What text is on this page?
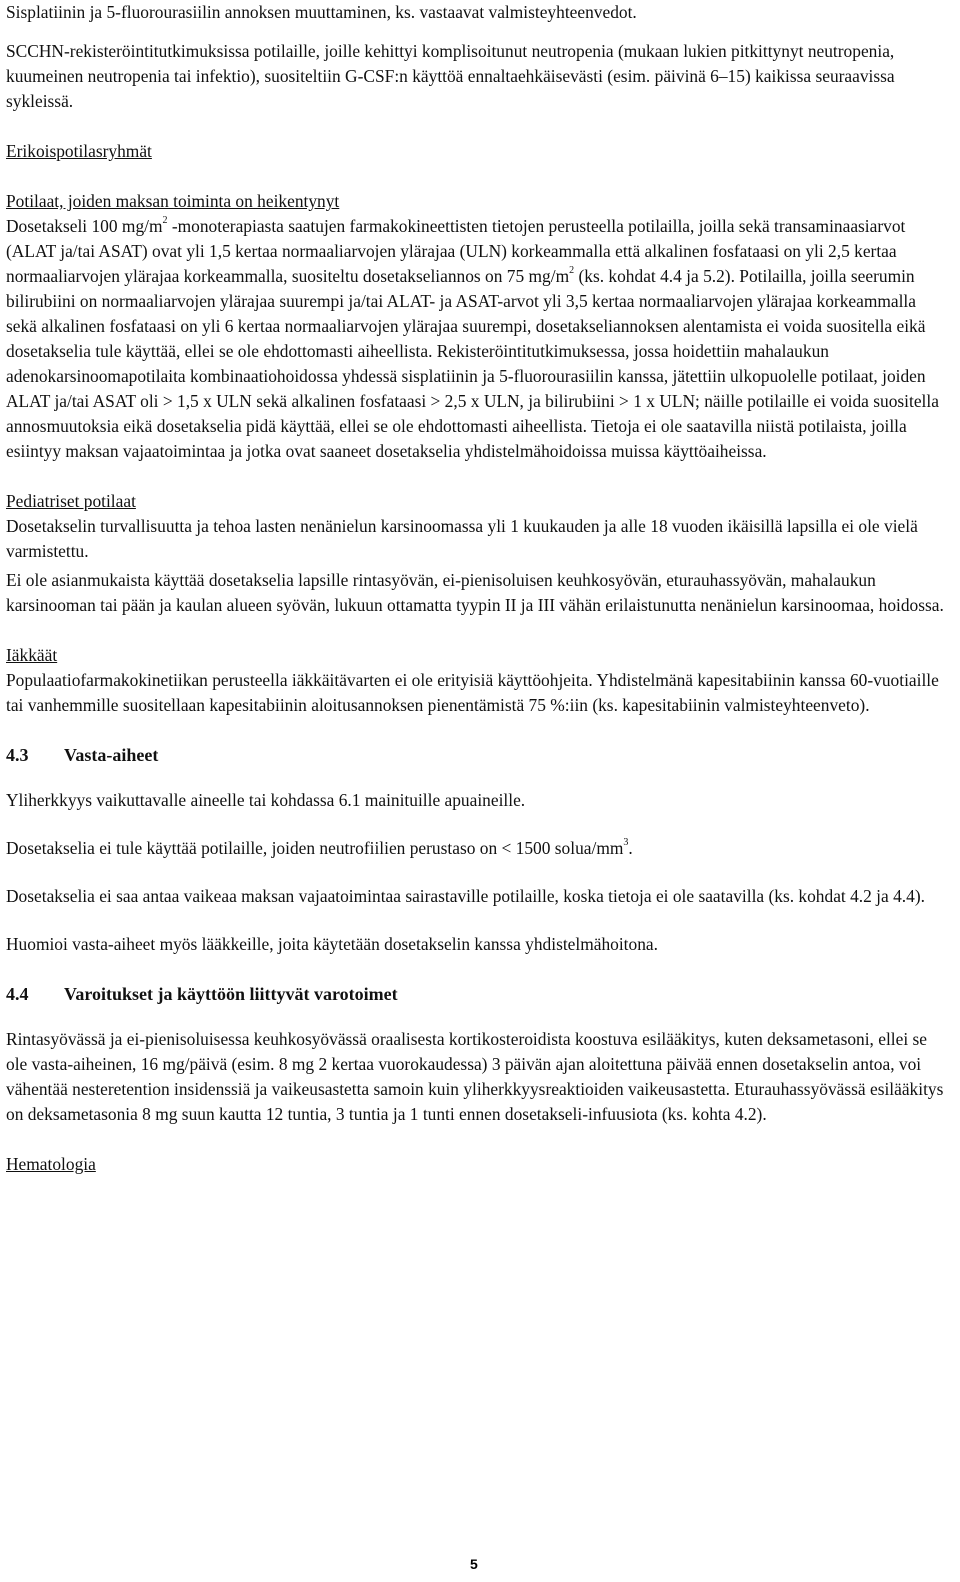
Sisplatiinin ja 5-fluorourasiilin annoksen muuttaminen, ks. vastaavat valmisteyhteenvedot.

SCCHN-rekisteröintitutkimuksissa potilaille, joille kehittyi komplisoitunut neutropenia (mukaan lukien pitkittynyt neutropenia, kuumeinen neutropenia tai infektio), suositeltiin G-CSF:n käyttöä ennaltaehkäisevästi (esim. päivinä 6–15) kaikissa seuraavissa sykleissä.

Erikoispotilasryhmät

Potilaat, joiden maksan toiminta on heikentynyt

Dosetakseli 100 $mg/m^2$ -monoterapiasta saatujen farmakokineettisten tietojen perusteella potilailla, joilla sekä transaminaasiarvot (ALAT ja/tai ASAT) ovat yli 1,5 kertaa normaaliarvojen ylärajaa (ULN) korkeammalla että alkalinen fosfataasi on yli 2,5 kertaa normaaliarvojen ylärajaa korkeammalla, suositeltu dosetakseliannos on 75 $mg/m^2$ (ks. kohdat 4.4 ja 5.2). Potilailla, joilla seerumin bilirubiini on normaaliarvojen ylärajaa suurempi ja/tai ALAT- ja ASAT-arvot yli 3,5 kertaa normaaliarvojen ylärajaa korkeammalla sekä alkalinen fosfataasi on yli 6 kertaa normaaliarvojen ylärajaa suurempi, dosetakseliannoksen alentamista ei voida suositella eikä dosetakselia tule käyttää, ellei se ole ehdottomasti aiheellista. Rekisteröintitutkimuksessa, jossa hoidettiin mahalaukun adenokarsinoomapotilaita kombinaatiohoidossa yhdessä sisplatiinin ja 5-fluorourasiilin kanssa, jätettiin ulkopuolelle potilaat, joiden ALAT ja/tai ASAT oli > 1,5 x ULN sekä alkalinen fosfataasi > 2,5 x ULN, ja bilirubiini > 1 x ULN; näille potilaille ei voida suositella annosmuutoksia eikä dosetakselia pidä käyttää, ellei se ole ehdottomasti aiheellista. Tietoja ei ole saatavilla niistä potilaista, joilla esiintyy maksan vajaatoimintaa ja jotka ovat saaneet dosetakselia yhdistelmähoidoissa muissa käyttöaiheissa.

Pediatriset potilaat

Dosetakselin turvallisuutta ja tehoa lasten nenänielun karsinoomassa yli 1 kuukauden ja alle 18 vuoden ikäisillä lapsilla ei ole vielä varmistettu.

Ei ole asianmukaista käyttää dosetakselia lapsille rintasyövän, ei-pienisoluisen keuhkosyövän, eturauhassyövän, mahalaukun karsinooman tai pään ja kaulan alueen syövän, lukuun ottamatta tyypin II ja III vähän erilaistunutta nenänielun karsinoomaa, hoidossa.

Iäkkäät

Populaatiofarmakokinetiikan perusteella iäkkäitävarten ei ole erityisiä käyttöohjeita. Yhdistelmänä kapesitabiinin kanssa 60-vuotiaille tai vanhemmille suositellaan kapesitabiinin aloitusannoksen pienentämistä 75 %:iin (ks. kapesitabiinin valmisteyhteenveto).

4.3 Vasta-aiheet

Yliherkkyys vaikuttavalle aineelle tai kohdassa 6.1 mainituille apuaineille.

Dosetakselia ei tule käyttää potilaille, joiden neutrofiilien perustaso on < 1500 solua/$mm^3$.

Dosetakselia ei saa antaa vaikeaa maksan vajaatoimintaa sairastaville potilaille, koska tietoja ei ole saatavilla (ks. kohdat 4.2 ja 4.4).

Huomioi vasta-aiheet myös lääkkeille, joita käytetään dosetakselin kanssa yhdistelmähoitona.

4.4 Varoitukset ja käyttöön liittyvät varotoimet

Rintasyövässä ja ei-pienisoluisessa keuhkosyövässä oraalisesta kortikosteroidista koostuva esilääkitys, kuten deksametasoni, ellei se ole vasta-aiheinen, 16 mg/päivä (esim. 8 mg 2 kertaa vuorokaudessa) 3 päivän ajan aloitettuna päivää ennen dosetakselin antoa, voi vähentää nesteretention insidenssiä ja vaikeusastetta samoin kuin yliherkkyysreaktioiden vaikeusastetta. Eturauhassyövässä esilääkitys on deksametasonia 8 mg suun kautta 12 tuntia, 3 tuntia ja 1 tunti ennen dosetakseli-infuusiota (ks. kohta 4.2).

Hematologia

5
